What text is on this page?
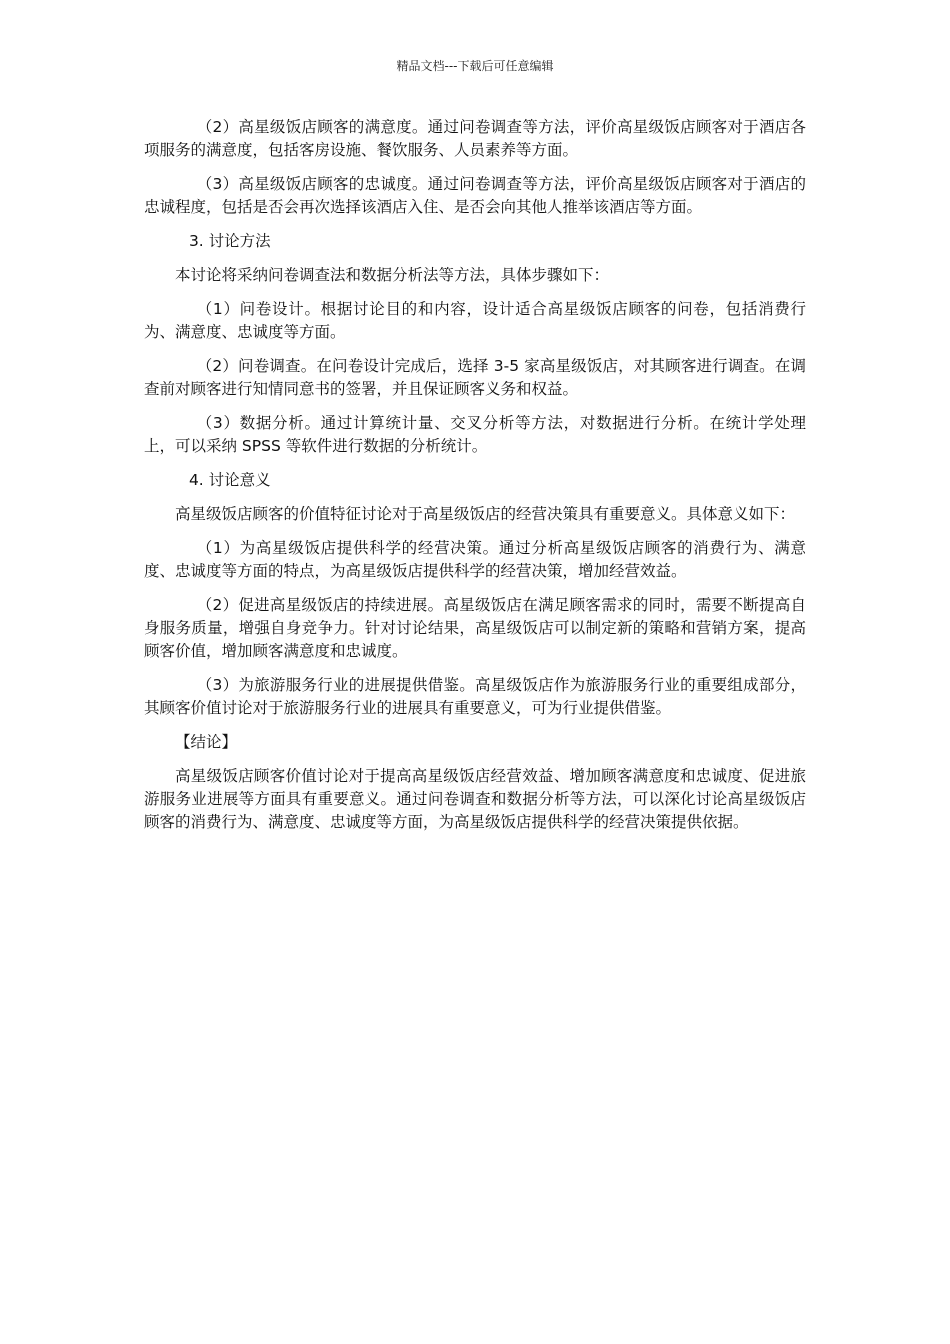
精品文档---下载后可任意编辑

（2）高星级饭店顾客的满意度。通过问卷调查等方法，评价高星级饭店顾客对于酒店各项服务的满意度，包括客房设施、餐饮服务、人员素养等方面。

（3）高星级饭店顾客的忠诚度。通过问卷调查等方法，评价高星级饭店顾客对于酒店的忠诚程度，包括是否会再次选择该酒店入住、是否会向其他人推举该酒店等方面。

3. 讨论方法

本讨论将采纳问卷调查法和数据分析法等方法，具体步骤如下：

（1）问卷设计。根据讨论目的和内容，设计适合高星级饭店顾客的问卷，包括消费行为、满意度、忠诚度等方面。

（2）问卷调查。在问卷设计完成后，选择 3-5 家高星级饭店，对其顾客进行调查。在调查前对顾客进行知情同意书的签署，并且保证顾客义务和权益。

（3）数据分析。通过计算统计量、交叉分析等方法，对数据进行分析。在统计学处理上，可以采纳 SPSS 等软件进行数据的分析统计。

4. 讨论意义

高星级饭店顾客的价值特征讨论对于高星级饭店的经营决策具有重要意义。具体意义如下：

（1）为高星级饭店提供科学的经营决策。通过分析高星级饭店顾客的消费行为、满意度、忠诚度等方面的特点，为高星级饭店提供科学的经营决策，增加经营效益。

（2）促进高星级饭店的持续进展。高星级饭店在满足顾客需求的同时，需要不断提高自身服务质量，增强自身竞争力。针对讨论结果，高星级饭店可以制定新的策略和营销方案，提高顾客价值，增加顾客满意度和忠诚度。

（3）为旅游服务行业的进展提供借鉴。高星级饭店作为旅游服务行业的重要组成部分，其顾客价值讨论对于旅游服务行业的进展具有重要意义，可为行业提供借鉴。

【结论】

高星级饭店顾客价值讨论对于提高高星级饭店经营效益、增加顾客满意度和忠诚度、促进旅游服务业进展等方面具有重要意义。通过问卷调查和数据分析等方法，可以深化讨论高星级饭店顾客的消费行为、满意度、忠诚度等方面，为高星级饭店提供科学的经营决策提供依据。
